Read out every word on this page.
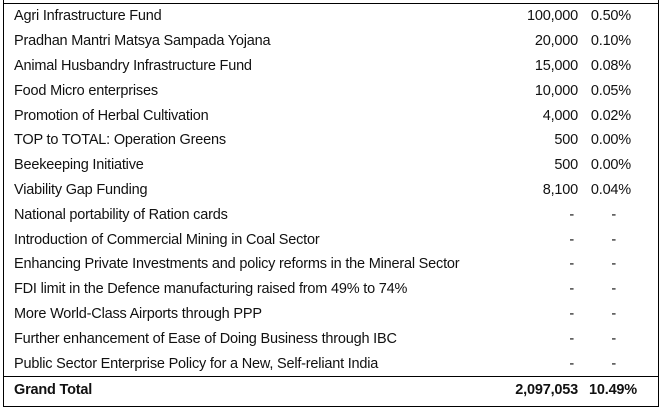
Agri Infrastructure Fund	100,000	0.50%
Pradhan Mantri Matsya Sampada Yojana	20,000	0.10%
Animal Husbandry Infrastructure Fund	15,000	0.08%
Food Micro enterprises	10,000	0.05%
Promotion of Herbal Cultivation	4,000	0.02%
TOP to TOTAL: Operation Greens	500	0.00%
Beekeeping Initiative	500	0.00%
Viability Gap Funding	8,100	0.04%
National portability of Ration cards	-	-
Introduction of Commercial Mining in Coal Sector	-	-
Enhancing Private Investments and policy reforms in the Mineral Sector	-	-
FDI limit in the Defence manufacturing raised from 49% to 74%	-	-
More World-Class Airports through PPP	-	-
Further enhancement of Ease of Doing Business through IBC	-	-
Public Sector Enterprise Policy for a New, Self-reliant India	-	-
Grand Total	2,097,053	10.49%
